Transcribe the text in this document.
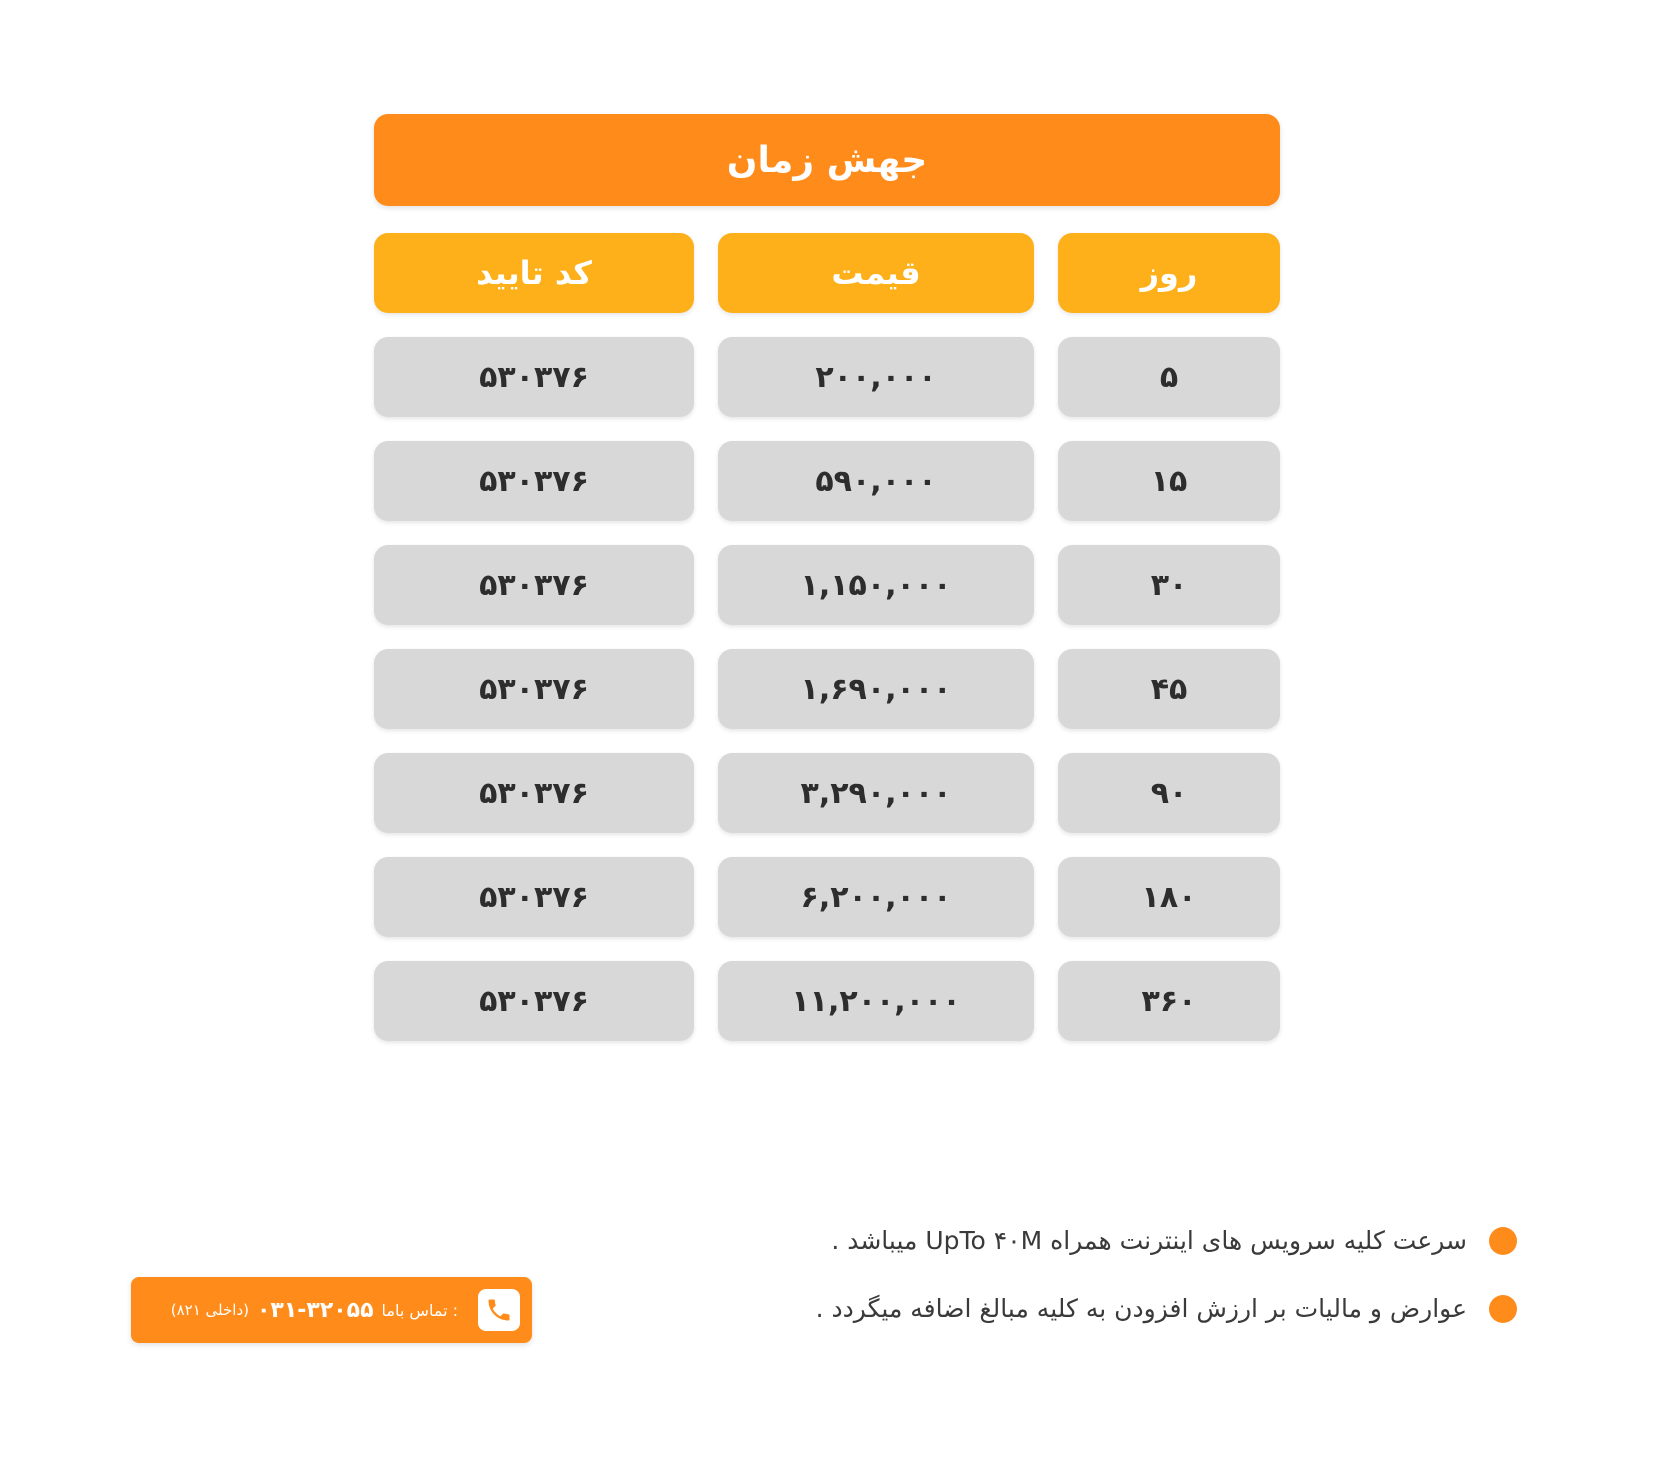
جهش زمان
کد تایید	قیمت	روز
۵۳۰۳۷۶	۲۰۰,۰۰۰	۵
۵۳۰۳۷۶	۵۹۰,۰۰۰	۱۵
۵۳۰۳۷۶	۱,۱۵۰,۰۰۰	۳۰
۵۳۰۳۷۶	۱,۶۹۰,۰۰۰	۴۵
۵۳۰۳۷۶	۳,۲۹۰,۰۰۰	۹۰
۵۳۰۳۷۶	۶,۲۰۰,۰۰۰	۱۸۰
۵۳۰۳۷۶	۱۱,۲۰۰,۰۰۰	۳۶۰
سرعت کلیه سرویس های اینترنت همراه UpTo ۴۰M میباشد .
عوارض و مالیات بر ارزش افزودن به کلیه مبالغ اضافه میگردد .
تماس باما :
۰۳۱-۳۲۰۵۵
(داخلی ۸۲۱)
